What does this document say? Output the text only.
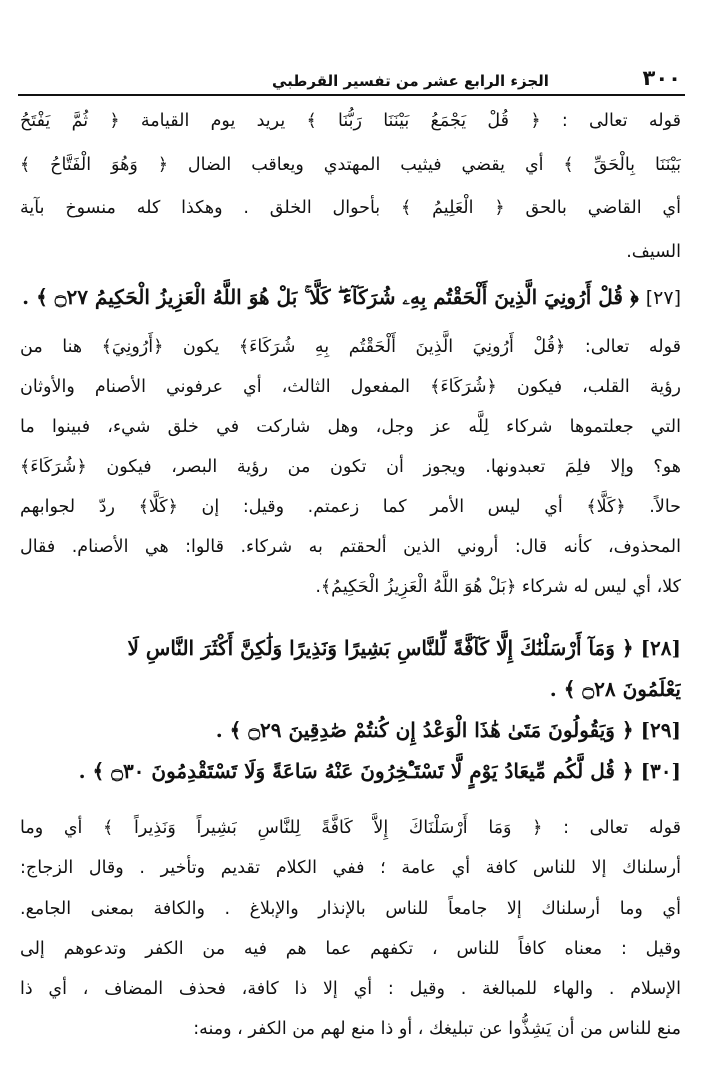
٣٠٠
الجزء الرابع عشر من تفسير القرطبي
قوله تعالى : ﴿ قُلْ يَجْمَعُ بَيْنَنَا رَبُّنَا ﴾ يريد يوم القيامة ﴿ ثُمَّ يَفْتَحُ
بَيْنَنَا بِالْحَقِّ ﴾ أي يقضي فيثيب المهتدي ويعاقب الضال ﴿ وَهُوَ الْفَتَّاحُ ﴾
أي القاضي بالحق ﴿ الْعَلِيمُ ﴾ بأحوال الخلق . وهكذا كله منسوخ بآية
السيف.
[٢٧] ﴿ قُلْ أَرُونِيَ الَّذِينَ أَلْحَقْتُم بِهِۦ شُرَكَآءَ ۖ كَلَّا ۚ بَلْ هُوَ اللَّهُ الْعَزِيزُ الْحَكِيمُ ۝٢٧ ﴾ .
قوله تعالى: ﴿قُلْ أَرُونِيَ الَّذِينَ أَلْحَقْتُم بِهِ شُرَكَاءَ﴾ يكون ﴿أَرُونِيَ﴾ هنا من
رؤية القلب، فيكون ﴿شُرَكَاءَ﴾ المفعول الثالث، أي عرفوني الأصنام والأوثان
التي جعلتموها شركاء لِلَّه عز وجل، وهل شاركت في خلق شيء، فبينوا ما
هو؟ وإلا فلِمَ تعبدونها. ويجوز أن تكون من رؤية البصر، فيكون ﴿شُرَكَاءَ﴾
حالاً. ﴿كَلَّا﴾ أي ليس الأمر كما زعمتم. وقيل: إن ﴿كَلَّا﴾ ردّ لجوابهم
المحذوف، كأنه قال: أروني الذين ألحقتم به شركاء. قالوا: هي الأصنام. فقال
كلا، أي ليس له شركاء ﴿بَلْ هُوَ اللَّهُ الْعَزِيزُ الْحَكِيمُ﴾.
[٢٨] ﴿ وَمَآ أَرْسَلْنَٰكَ إِلَّا كَآفَّةً لِّلنَّاسِ بَشِيرًا وَنَذِيرًا وَلَٰكِنَّ أَكْثَرَ النَّاسِ لَا
يَعْلَمُونَ ۝٢٨ ﴾ .
[٢٩] ﴿ وَيَقُولُونَ مَتَىٰ هَٰذَا الْوَعْدُ إِن كُنتُمْ صَٰدِقِينَ ۝٢٩ ﴾ .
[٣٠] ﴿ قُل لَّكُم مِّيعَادُ يَوْمٍ لَّا تَسْتَـْٔخِرُونَ عَنْهُ سَاعَةً وَلَا تَسْتَقْدِمُونَ ۝٣٠ ﴾ .
قوله تعالى : ﴿ وَمَا أَرْسَلْنَاكَ إِلاَّ كَافَّةً لِلنَّاسِ بَشِيراً وَنَذِيراً ﴾ أي وما
أرسلناك إلا للناس كافة أي عامة ؛ ففي الكلام تقديم وتأخير . وقال الزجاج:
أي وما أرسلناك إلا جامعاً للناس بالإنذار والإبلاغ . والكافة بمعنى الجامع.
وقيل : معناه كافاً للناس ، تكفهم عما هم فيه من الكفر وتدعوهم إلى
الإسلام . والهاء للمبالغة . وقيل : أي إلا ذا كافة، فحذف المضاف ، أي ذا
منع للناس من أن يَشِذُّوا عن تبليغك ، أو ذا منع لهم من الكفر ، ومنه:
